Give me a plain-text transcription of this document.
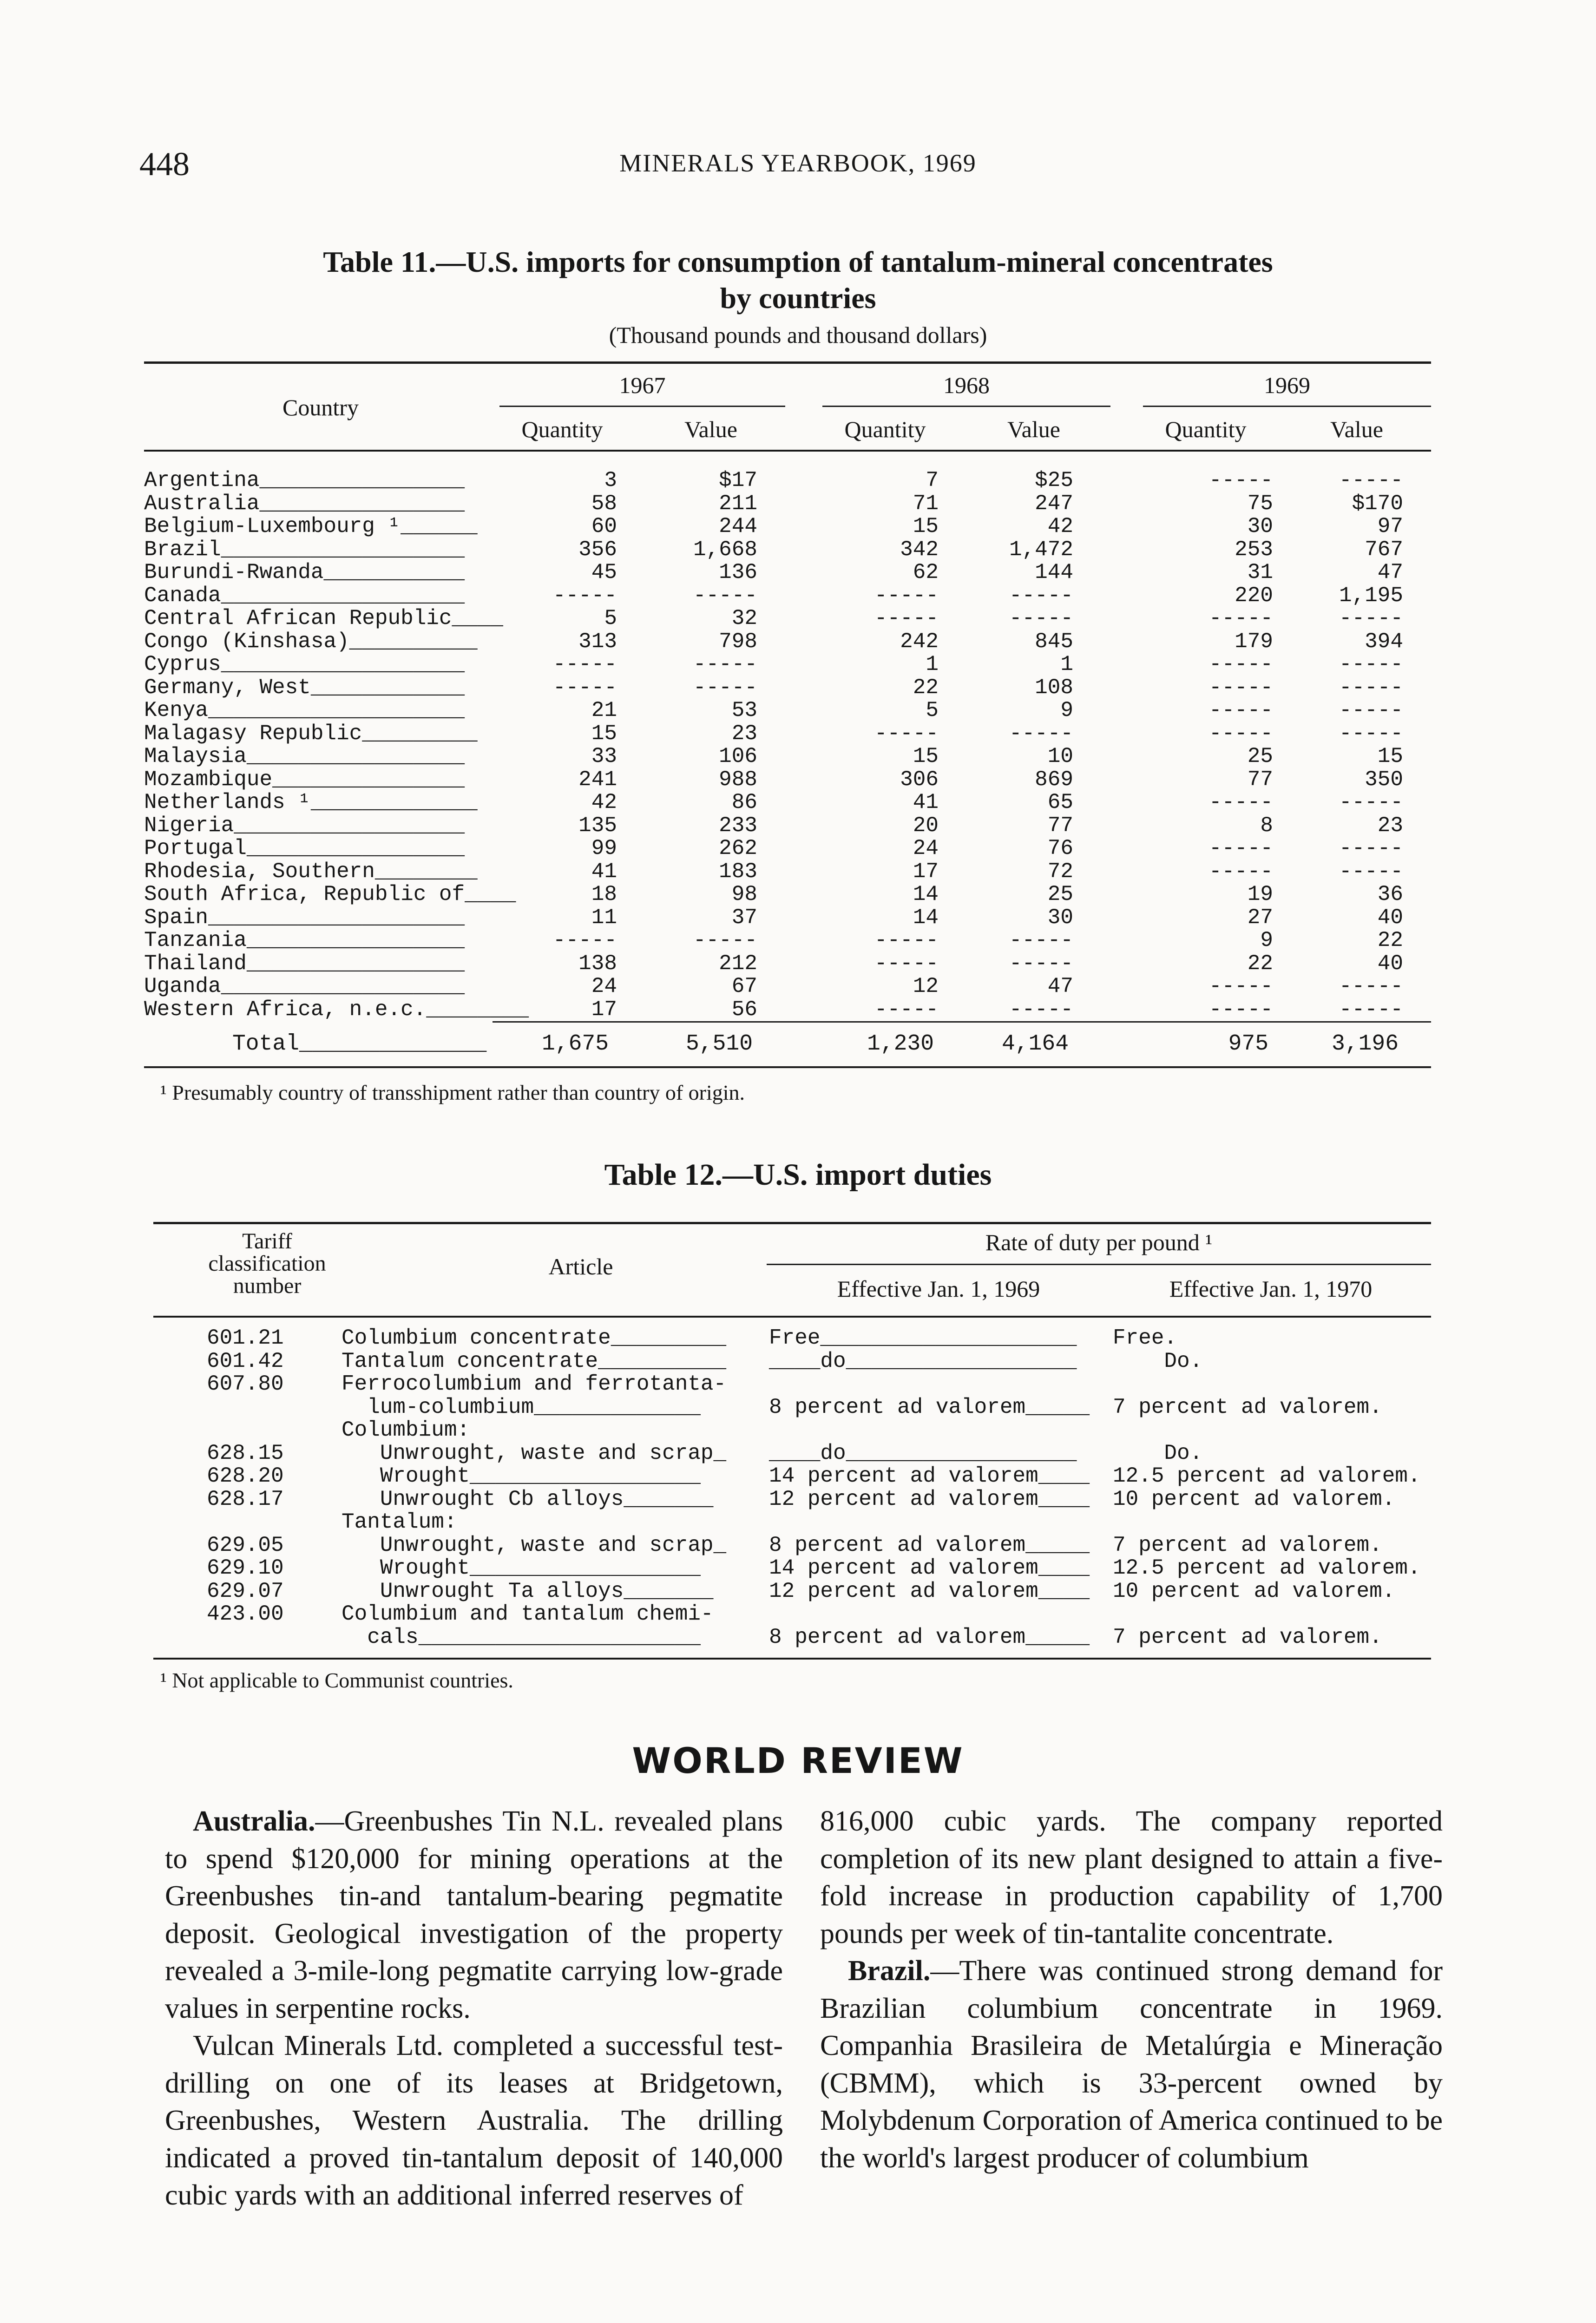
448	MINERALS YEARBOOK, 1969
Table 11.—U.S. imports for consumption of tantalum-mineral concentrates
by countries
(Thousand pounds and thousand dollars)
Country
1967	1968	1969
Quantity	Value	Quantity	Value	Quantity	Value
Argentina________________	3	$17	7	$25	-----	-----
Australia________________	58	211	71	247	75	$170
Belgium-Luxembourg ¹______	60	244	15	42	30	97
Brazil___________________	356	1,668	342	1,472	253	767
Burundi-Rwanda___________	45	136	62	144	31	47
Canada___________________	-----	-----	-----	-----	220	1,195
Central African Republic____	5	32	-----	-----	-----	-----
Congo (Kinshasa)__________	313	798	242	845	179	394
Cyprus___________________	-----	-----	1	1	-----	-----
Germany, West____________	-----	-----	22	108	-----	-----
Kenya____________________	21	53	5	9	-----	-----
Malagasy Republic_________	15	23	-----	-----	-----	-----
Malaysia_________________	33	106	15	10	25	15
Mozambique_______________	241	988	306	869	77	350
Netherlands ¹_____________	42	86	41	65	-----	-----
Nigeria__________________	135	233	20	77	8	23
Portugal_________________	99	262	24	76	-----	-----
Rhodesia, Southern________	41	183	17	72	-----	-----
South Africa, Republic of____	18	98	14	25	19	36
Spain____________________	11	37	14	30	27	40
Tanzania_________________	-----	-----	-----	-----	9	22
Thailand_________________	138	212	-----	-----	22	40
Uganda___________________	24	67	12	47	-----	-----
Western Africa, n.e.c.________	17	56	-----	-----	-----	-----
Total______________	1,675	5,510	1,230	4,164	975	3,196
¹ Presumably country of transshipment rather than country of origin.
Table 12.—U.S. import duties
Tariff
classification
number
Article
Rate of duty per pound ¹
Effective Jan. 1, 1969	Effective Jan. 1, 1970
601.21	Columbium concentrate_________ Free____________________ Free.
601.42	Tantalum concentrate__________ ____do__________________ Do.
607.80	Ferrocolumbium and ferrotanta-
lum-columbium_____________	8 percent ad valorem_____ 7 percent ad valorem.
Columbium:
628.15	Unwrought, waste and scrap_ ____do__________________ Do.
628.20	Wrought__________________	14 percent ad valorem____ 12.5 percent ad valorem.
628.17	Unwrought Cb alloys_______	12 percent ad valorem____ 10 percent ad valorem.
Tantalum:
629.05	Unwrought, waste and scrap_ 8 percent ad valorem_____ 7 percent ad valorem.
629.10	Wrought__________________	14 percent ad valorem____ 12.5 percent ad valorem.
629.07	Unwrought Ta alloys_______	12 percent ad valorem____ 10 percent ad valorem.
423.00	Columbium and tantalum chemi-
cals______________________	8 percent ad valorem_____ 7 percent ad valorem.
¹ Not applicable to Communist countries.
WORLD REVIEW

Australia.—Greenbushes Tin N.L. revealed plans to spend $120,000 for mining operations at the Greenbushes tin-and tantalum-bearing pegmatite deposit. Geological investigation of the property revealed a 3-mile-long pegmatite carrying low-grade values in serpentine rocks.

Vulcan Minerals Ltd. completed a successful test-drilling on one of its leases at Bridgetown, Greenbushes, Western Australia. The drilling indicated a proved tin-tantalum deposit of 140,000 cubic yards with an additional inferred reserves of

816,000 cubic yards. The company reported completion of its new plant designed to attain a five-fold increase in production capability of 1,700 pounds per week of tin-tantalite concentrate.

Brazil.—There was continued strong demand for Brazilian columbium concentrate in 1969. Companhia Brasileira de Metalúrgia e Mineração (CBMM), which is 33-percent owned by Molybdenum Corporation of America continued to be the world's largest producer of columbium
